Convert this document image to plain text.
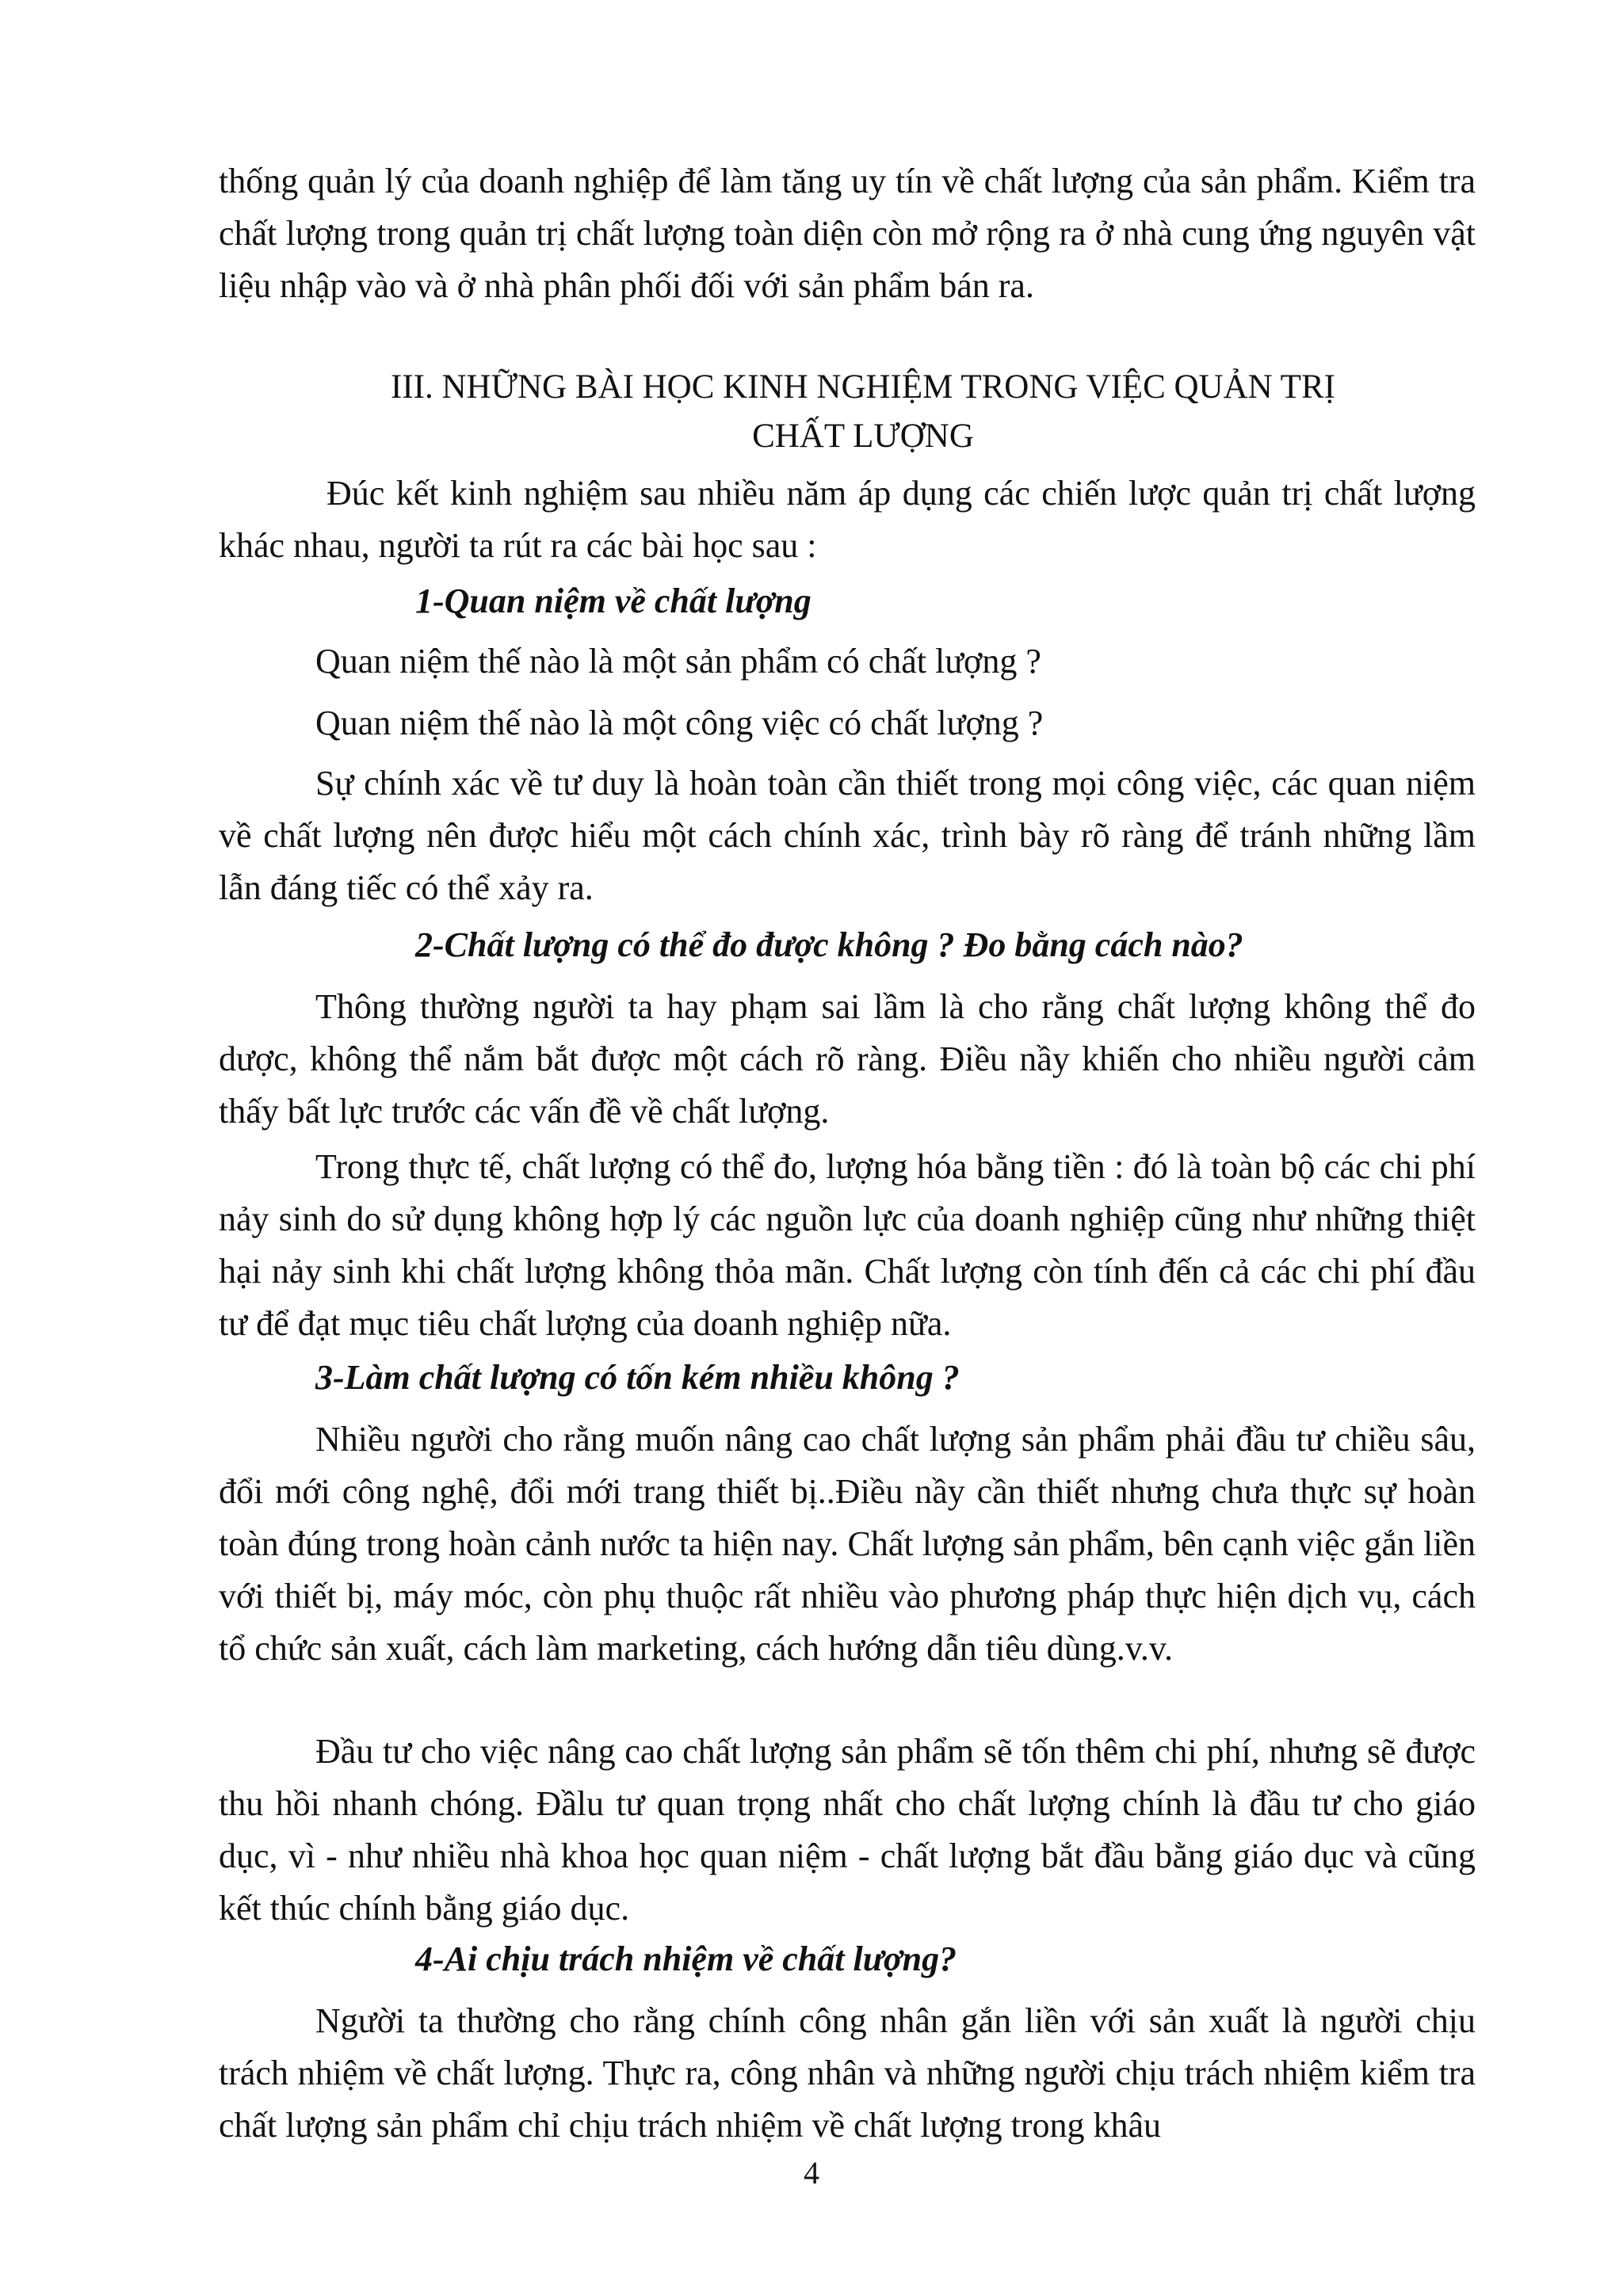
thống quản lý của doanh nghiệp để làm tăng uy tín về chất lượng của sản phẩm. Kiểm tra chất lượng trong quản trị chất lượng toàn diện còn mở rộng ra ở nhà cung ứng nguyên vật liệu nhập vào và ở nhà phân phối đối với sản phẩm bán ra.

III. NHỮNG BÀI HỌC KINH NGHIỆM TRONG VIỆC QUẢN TRỊ

CHẤT LƯỢNG

Đúc kết kinh nghiệm sau nhiều năm áp dụng các chiến lược quản trị chất lượng khác nhau, người ta rút ra các bài học sau :

1-Quan niệm về chất lượng

Quan niệm thế nào là một sản phẩm có chất lượng ?

Quan niệm thế nào là một công việc có chất lượng ?

Sự chính xác về tư duy là hoàn toàn cần thiết trong mọi công việc, các quan niệm về chất lượng nên được hiểu một cách chính xác, trình bày rõ ràng để tránh những lầm lẫn đáng tiếc có thể xảy ra.

2-Chất lượng có thể đo được không ? Đo bằng cách nào?

Thông thường người ta hay phạm sai lầm là cho rằng chất lượng không thể đo dược, không thể nắm bắt được một cách rõ ràng. Điều nầy khiến cho nhiều người cảm thấy bất lực trước các vấn đề về chất lượng.

Trong thực tế, chất lượng có thể đo, lượng hóa bằng tiền : đó là toàn bộ các chi phí nảy sinh do sử dụng không hợp lý các nguồn lực của doanh nghiệp cũng như những thiệt hại nảy sinh khi chất lượng không thỏa mãn. Chất lượng còn tính đến cả các chi phí đầu tư để đạt mục tiêu chất lượng của doanh nghiệp nữa.

3-Làm chất lượng có tốn kém nhiều không ?

Nhiều người cho rằng muốn nâng cao chất lượng sản phẩm phải đầu tư chiều sâu, đổi mới công nghệ, đổi mới trang thiết bị..Điều nầy cần thiết nhưng chưa thực sự hoàn toàn đúng trong hoàn cảnh nước ta hiện nay. Chất lượng sản phẩm, bên cạnh việc gắn liền với thiết bị, máy móc, còn phụ thuộc rất nhiều vào phương pháp thực hiện dịch vụ, cách tổ chức sản xuất, cách làm marketing, cách hướng dẫn tiêu dùng.v.v.

Đầu tư cho việc nâng cao chất lượng sản phẩm sẽ tốn thêm chi phí, nhưng sẽ được thu hồi nhanh chóng. Đầlu tư quan trọng nhất cho chất lượng chính là đầu tư cho giáo dục, vì - như nhiều nhà khoa học quan niệm - chất lượng bắt đầu bằng giáo dục và cũng kết thúc chính bằng giáo dục.

4-Ai chịu trách nhiệm về chất lượng?

Người ta thường cho rằng chính công nhân gắn liền với sản xuất là người chịu trách nhiệm về chất lượng. Thực ra, công nhân và những người chịu trách nhiệm kiểm tra chất lượng sản phẩm chỉ chịu trách nhiệm về chất lượng trong khâu

4
